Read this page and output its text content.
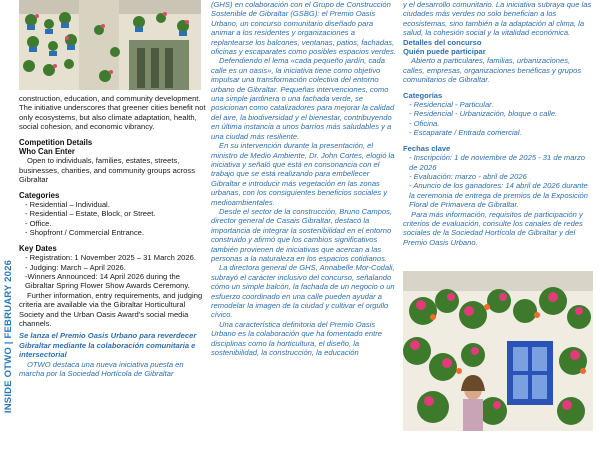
INSIDE OTWO | FEBRUARY 2026

construction, education, and community development. The initiative underscores that greener cities benefit not only ecosystems, but also climate adaptation, health, social cohesion, and economic vibrancy.

Competition Details

Who Can Enter

Open to individuals, families, estates, streets, businesses, charities, and community groups across Gibraltar

Categories

- Residential – Individual.
- Residential – Estate, Block, or Street.
- Office.
- Shopfront / Commercial Entrance.

Key Dates

- Registration: 1 November 2025 – 31 March 2026.
- Judging: March – April 2026.
-Winners Announced: 14 April 2026 during the Gibraltar Spring Flower Show Awards Ceremony.

Further information, entry requirements, and judging criteria are available via the Gibraltar Horticultural Society and the Urban Oasis Award's social media channels.

Se lanza el Premio Oasis Urbano para reverdecer Gibraltar mediante la colaboración comunitaria e intersectorial

OTWO destaca una nueva iniciativa puesta en marcha por la Sociedad Hortícola de Gibraltar

(GHS) en colaboración con el Grupo de Construcción Sostenible de Gibraltar (GSBG): el Premio Oasis Urbano, un concurso comunitario diseñado para animar a los residentes y organizaciones a replantearse los balcones, ventanas, patios, fachadas, oficinas y escaparates como posibles espacios verdes.

Defendiendo el lema «cada pequeño jardín, cada calle es un oasis», la iniciativa tiene como objetivo impulsar una transformación colectiva del entorno urbano de Gibraltar. Pequeñas intervenciones, como una simple jardinera o una fachada verde, se posicionan como catalizadores para mejorar la calidad del aire, la biodiversidad y el bienestar, contribuyendo en última instancia a unos barrios más saludables y a una ciudad más resiliente.

En su intervención durante la presentación, el ministro de Medio Ambiente, Dr. John Cortes, elogió la iniciativa y señaló que está en consonancia con el trabajo que se está realizando para embellecer Gibraltar e introducir más vegetación en las zonas urbanas, con los consiguientes beneficios sociales y medioambientales.

Desde el sector de la construcción, Bruno Campos, director general de Casais Gibraltar, destacó la importancia de integrar la sostenibilidad en el entorno construido y afirmó que los cambios significativos también provienen de iniciativas que acercan a las personas a la naturaleza en los espacios cotidianos.

La directora general de GHS, Annabelle Mor-Codali, subrayó el carácter inclusivo del concurso, señalando cómo un simple balcón, la fachada de un negocio o un esfuerzo coordinado en una calle pueden ayudar a remodelar la imagen de la ciudad y cultivar el orgullo cívico.

Una característica definitoria del Premio Oasis Urbano es la colaboración que ha fomentado entre disciplinas como la horticultura, el diseño, la sostenibilidad, la construcción, la educación

y el desarrollo comunitario. La iniciativa subraya que las ciudades más verdes no solo benefician a los ecosistemas, sino también a la adaptación al clima, la salud, la cohesión social y la vitalidad económica.

Detalles del concurso

Quién puede participar

Abierto a particulares, familias, urbanizaciones, calles, empresas, organizaciones benéficas y grupos comunitarios de Gibraltar.

Categorías

- Residencial - Particular.
- Residencial - Urbanización, bloque o calle.
- Oficina.
- Escaparate / Entrada comercial.

Fechas clave

- Inscripción: 1 de noviembre de 2025 - 31 de marzo de 2026
- Evaluación: marzo - abril de 2026
- Anuncio de los ganadores: 14 abril de 2026 durante la ceremonia de entrega de premios de la Exposición Floral de Primavera de Gibraltar.

Para más información, requisitos de participación y criterios de evaluación, consulte los canales de redes sociales de la Sociedad Hortícola de Gibraltar y del Premio Oasis Urbano.
